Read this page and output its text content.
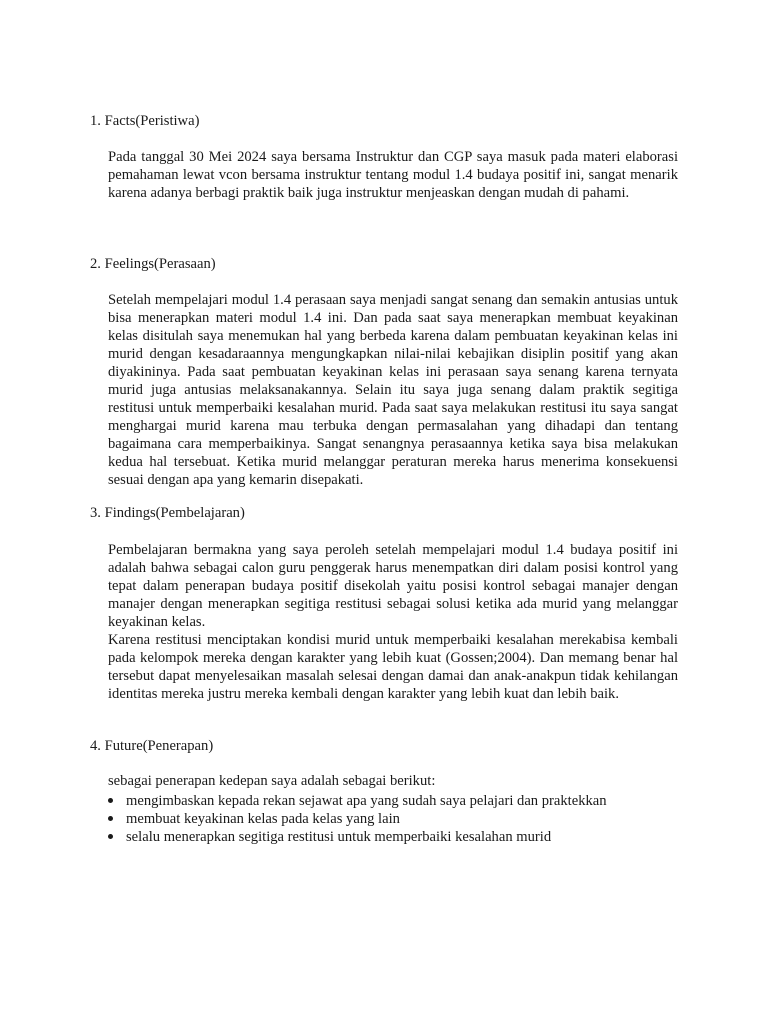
1. Facts(Peristiwa)

Pada tanggal 30 Mei 2024 saya bersama Instruktur dan CGP saya masuk pada materi elaborasi pemahaman lewat vcon bersama instruktur tentang modul 1.4 budaya positif ini, sangat menarik karena adanya berbagi praktik baik juga instruktur menjeaskan dengan mudah di pahami.

2. Feelings(Perasaan)

Setelah mempelajari modul 1.4 perasaan saya menjadi sangat senang dan semakin antusias untuk bisa menerapkan materi modul 1.4 ini. Dan pada saat saya menerapkan membuat keyakinan kelas disitulah saya menemukan hal yang berbeda karena dalam pembuatan keyakinan kelas ini murid dengan kesadaraannya mengungkapkan nilai-nilai kebajikan disiplin positif yang akan diyakininya. Pada saat pembuatan keyakinan kelas ini perasaan saya senang karena ternyata murid juga antusias melaksanakannya. Selain itu saya juga senang dalam praktik segitiga restitusi untuk memperbaiki kesalahan murid. Pada saat saya melakukan restitusi itu saya sangat menghargai murid karena mau terbuka dengan permasalahan yang dihadapi dan tentang bagaimana cara memperbaikinya. Sangat senangnya perasaannya ketika saya bisa melakukan kedua hal tersebuat. Ketika murid melanggar peraturan mereka harus menerima konsekuensi sesuai dengan apa yang kemarin disepakati.

3. Findings(Pembelajaran)

Pembelajaran bermakna yang saya peroleh setelah mempelajari modul 1.4 budaya positif ini adalah bahwa sebagai calon guru penggerak harus menempatkan diri dalam posisi kontrol yang tepat dalam penerapan budaya positif disekolah yaitu posisi kontrol sebagai manajer dengan manajer dengan menerapkan segitiga restitusi sebagai solusi ketika ada murid yang melanggar keyakinan kelas.

Karena restitusi menciptakan kondisi murid untuk memperbaiki kesalahan merekabisa kembali pada kelompok mereka dengan karakter yang lebih kuat (Gossen;2004). Dan memang benar hal tersebut dapat menyelesaikan masalah selesai dengan damai dan anak-anakpun tidak kehilangan identitas mereka justru mereka kembali dengan karakter yang lebih kuat dan lebih baik.

4. Future(Penerapan)

sebagai penerapan kedepan saya adalah sebagai berikut:

mengimbaskan kepada rekan sejawat apa yang sudah saya pelajari dan praktekkan
membuat keyakinan kelas pada kelas yang lain
selalu menerapkan segitiga restitusi untuk memperbaiki kesalahan murid
